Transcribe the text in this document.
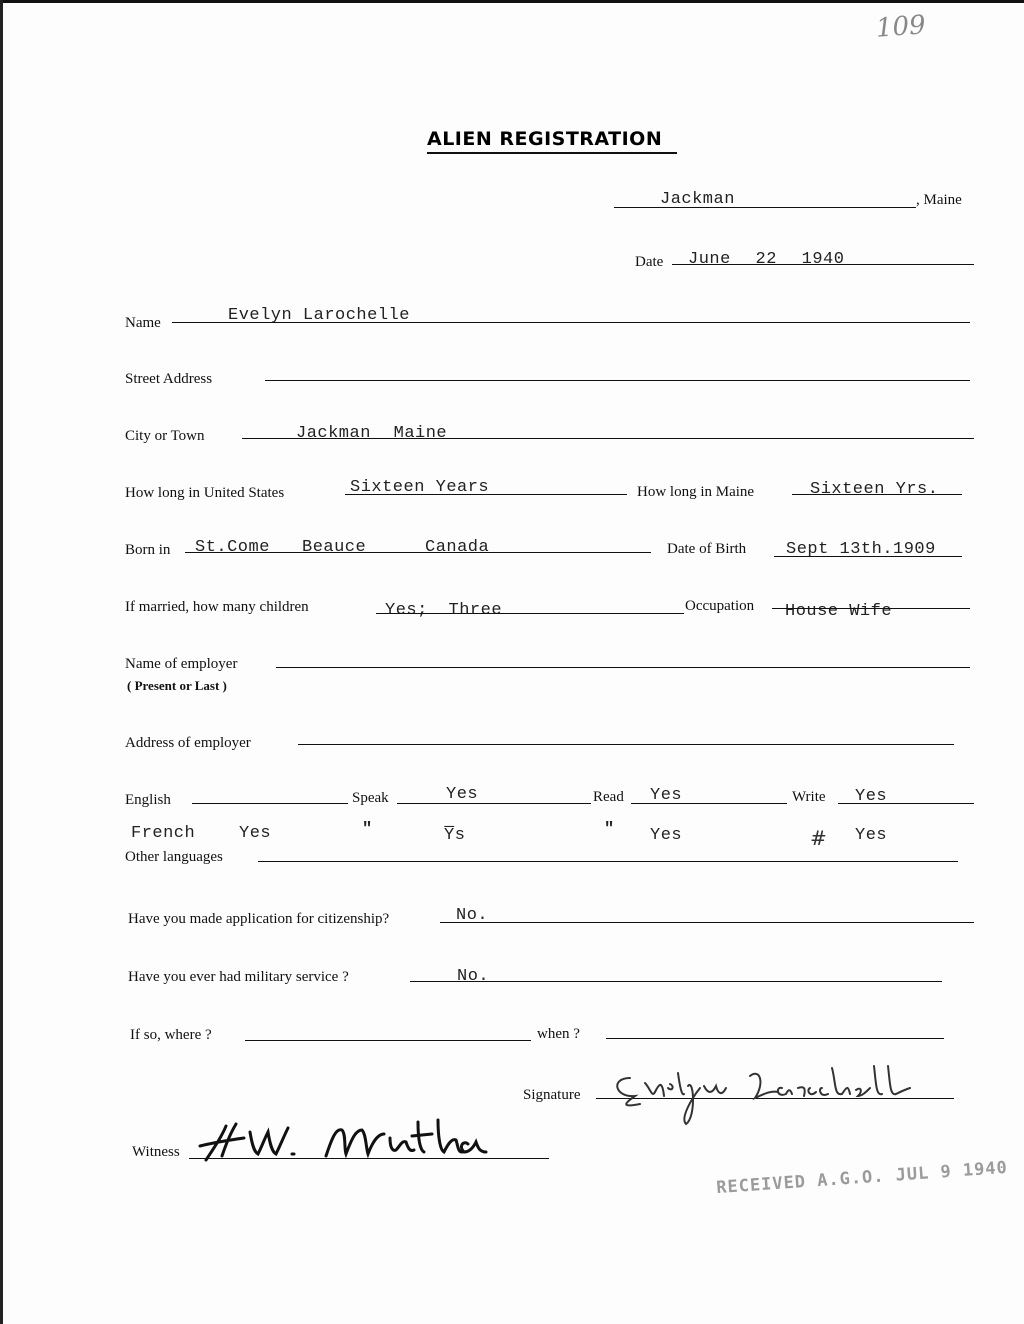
109
ALIEN REGISTRATION
Jackman	, Maine
Date June 22 1940
Name	Evelyn Larochelle
Street Address
City or Town	Jackman Maine
How long in United States	Sixteen Years	How long in Maine	Sixteen Yrs.
Born in St.Come Beauce	Canada	Date of Birth Sept 13th.1909
If married, how many children	Yes; Three	Occupation House Wife
Name of employer
( Present or Last )
Address of employer
English	Speak	Yes	Read Yes	Write Yes
French	Yes	"	Y̅s	" Yes	# Yes
Other languages
Have you made application for citizenship?	No.
Have you ever had military service ?	No.
If so, where ?	when ?
Signature
Witness
RECEIVED A.G.O. JUL 9 1940
